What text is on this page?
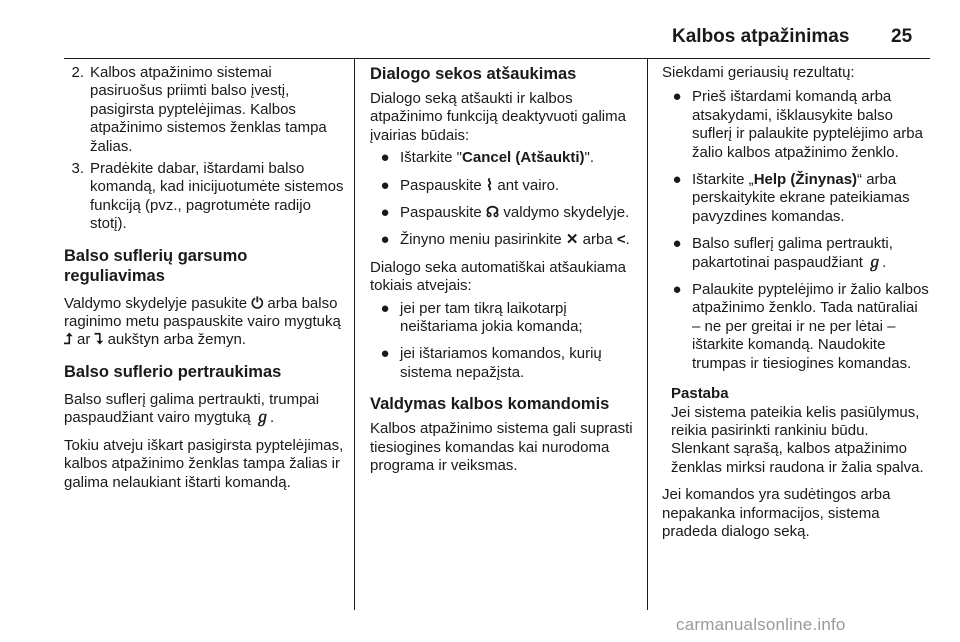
Kalbos atpažinimas 25
2. Kalbos atpažinimo sistemai pasiruošus priimti balso įvestį, pasigirsta pyptelėjimas. Kalbos atpažinimo sistemos ženklas tampa žalias.
3. Pradėkite dabar, ištardami balso komandą, kad inicijuotumėte sistemos funkciją (pvz., pagrotumėte radijo stotį).

Balso suflerių garsumo reguliavimas

Valdymo skydelyje pasukite ⏻ arba balso raginimo metu paspauskite vairo mygtuką ⮥ ar ⮧ aukštyn arba žemyn.

Balso suflerio pertraukimas

Balso suflerį galima pertraukti, trumpai paspaudžiant vairo mygtuką ℊ.

Tokiu atveju iškart pasigirsta pyptelėjimas, kalbos atpažinimo ženklas tampa žalias ir galima nelaukiant ištarti komandą.

Dialogo sekos atšaukimas

Dialogo seką atšaukti ir kalbos atpažinimo funkciją deaktyvuoti galima įvairias būdais:

● Ištarkite "Cancel (Atšaukti)".
● Paspauskite ⌇ ant vairo.
● Paspauskite ☊ valdymo skydelyje.
● Žinyno meniu pasirinkite ✕ arba <.

Dialogo seka automatiškai atšaukiama tokiais atvejais:

● jei per tam tikrą laikotarpį neištariama jokia komanda;
● jei ištariamos komandos, kurių sistema nepažįsta.

Valdymas kalbos komandomis

Kalbos atpažinimo sistema gali suprasti tiesiogines komandas kai nurodoma programa ir veiksmas.

Siekdami geriausių rezultatų:

● Prieš ištardami komandą arba atsakydami, išklausykite balso suflerį ir palaukite pyptelėjimo arba žalio kalbos atpažinimo ženklo.
● Ištarkite „Help (Žinynas)“ arba perskaitykite ekrane pateikiamas pavyzdines komandas.
● Balso suflerį galima pertraukti, pakartotinai paspaudžiant ℊ.
● Palaukite pyptelėjimo ir žalio kalbos atpažinimo ženklo. Tada natūraliai – ne per greitai ir ne per lėtai – ištarkite komandą. Naudokite trumpas ir tiesiogines komandas.

Pastaba

Jei sistema pateikia kelis pasiūlymus, reikia pasirinkti rankiniu būdu. Slenkant sąrašą, kalbos atpažinimo ženklas mirksi raudona ir žalia spalva.

Jei komandos yra sudėtingos arba nepakanka informacijos, sistema pradeda dialogo seką.

carmanualsonline.info
